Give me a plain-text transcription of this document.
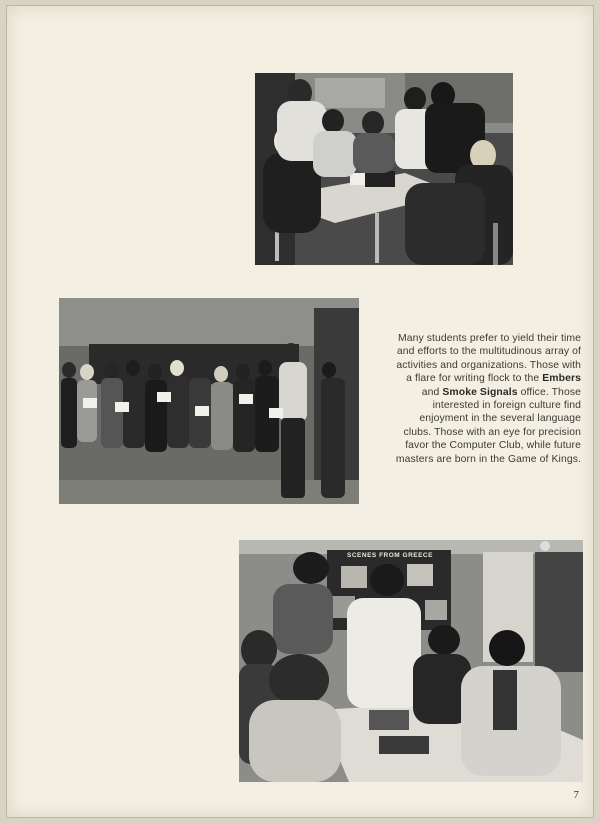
SCENES FROM GREECE
Many students prefer to yield their time and efforts to the multitudinous array of activities and organizations. Those with a flare for writing flock to the Embers and Smoke Signals office. Those interested in foreign culture find enjoyment in the several language clubs. Those with an eye for precision favor the Computer Club, while future masters are born in the Game of Kings.
7
